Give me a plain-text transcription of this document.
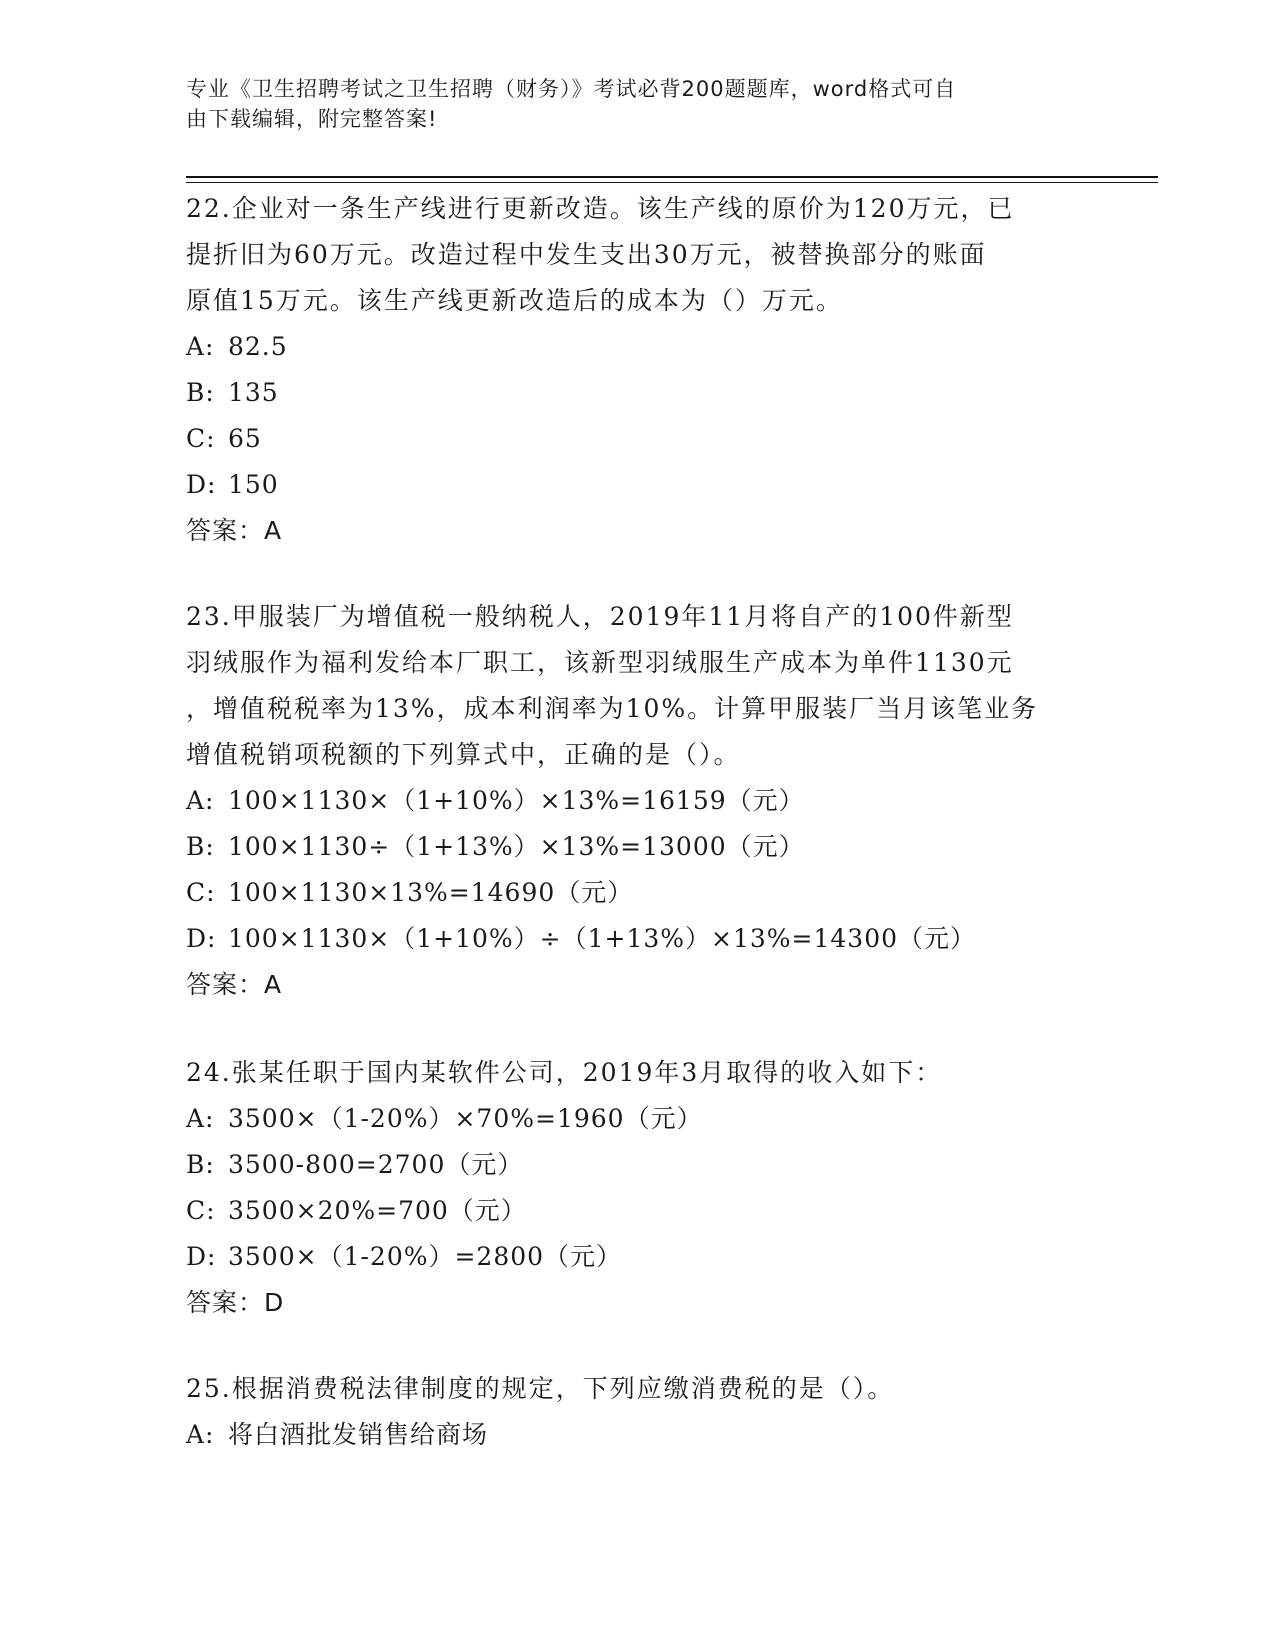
专业《卫生招聘考试之卫生招聘（财务）》考试必背200题题库，word格式可自
由下载编辑，附完整答案!

22.企业对一条生产线进行更新改造。该生产线的原价为120万元，已

提折旧为60万元。改造过程中发生支出30万元，被替换部分的账面

原值15万元。该生产线更新改造后的成本为（）万元。

A: 82.5

B: 135

C: 65

D: 150

答案：A

23.甲服装厂为增值税一般纳税人，2019年11月将自产的100件新型

羽绒服作为福利发给本厂职工，该新型羽绒服生产成本为单件1130元

，增值税税率为13%，成本利润率为10%。计算甲服装厂当月该笔业务

增值税销项税额的下列算式中，正确的是（）。

A: 100×1130×（1+10%）×13%=16159（元）

B: 100×1130÷（1+13%）×13%=13000（元）

C: 100×1130×13%=14690（元）

D: 100×1130×（1+10%）÷（1+13%）×13%=14300（元）

答案：A

24.张某任职于国内某软件公司，2019年3月取得的收入如下：

A: 3500×（1-20%）×70%=1960（元）

B: 3500-800=2700（元）

C: 3500×20%=700（元）

D: 3500×（1-20%）=2800（元）

答案：D

25.根据消费税法律制度的规定，下列应缴消费税的是（）。

A: 将白酒批发销售给商场
